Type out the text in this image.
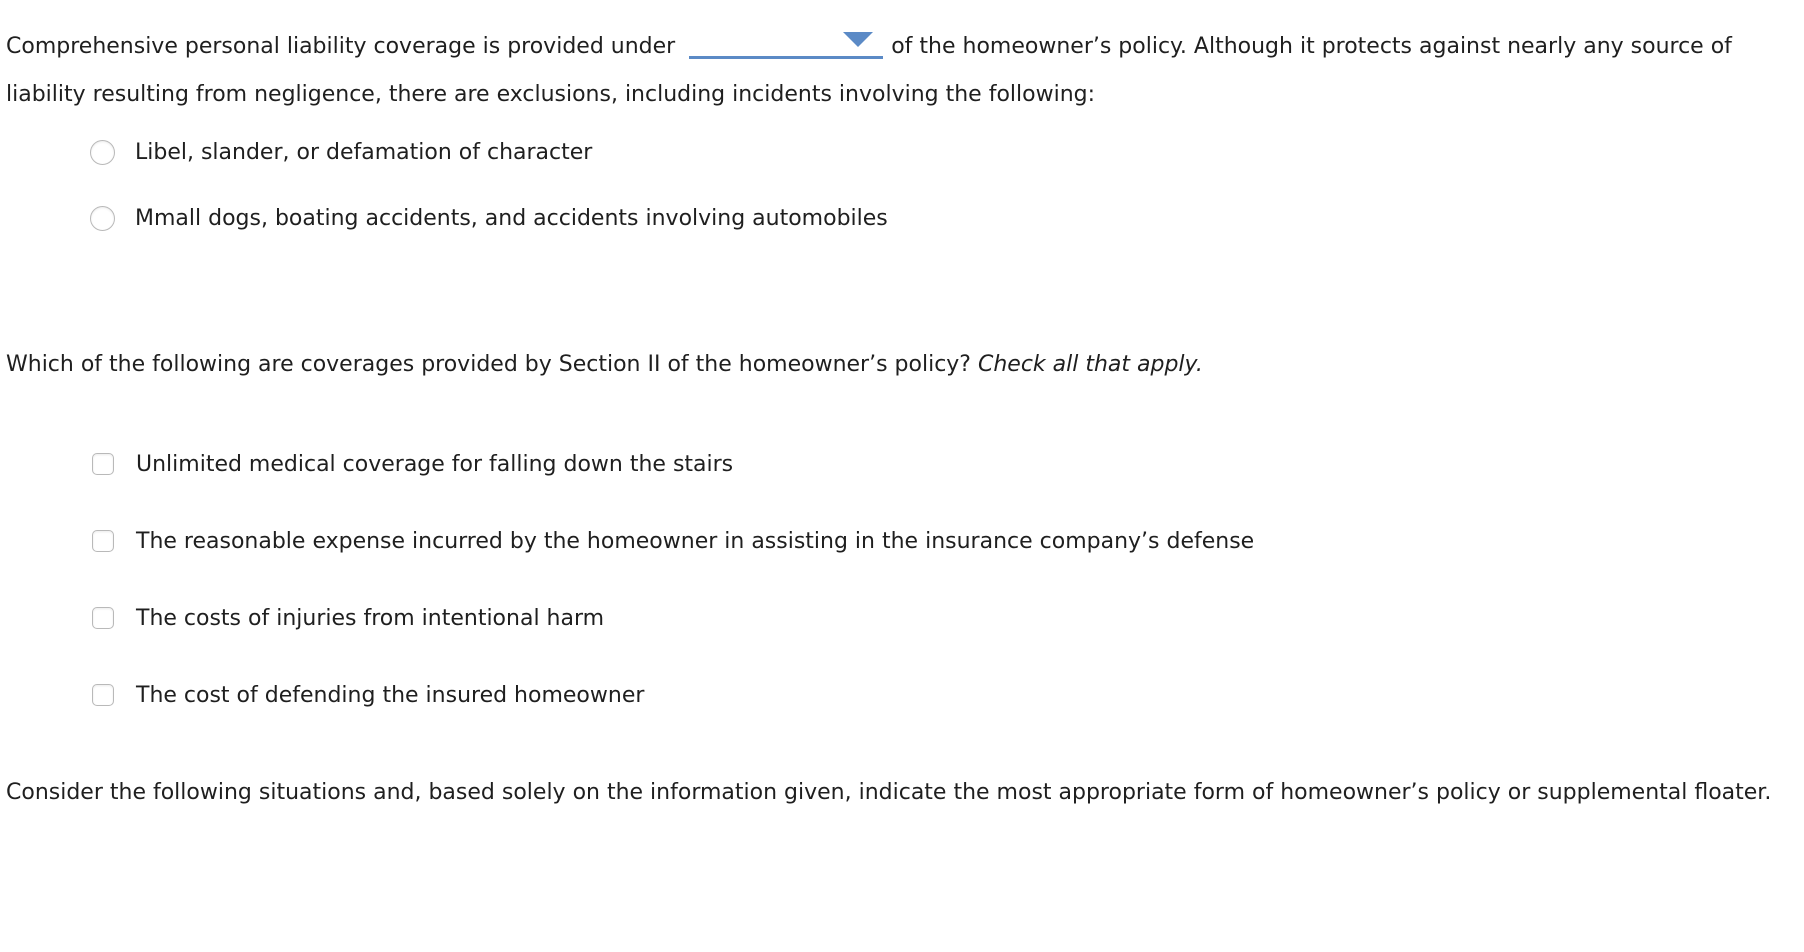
Comprehensive personal liability coverage is provided under	of the homeowner’s policy. Although it protects against nearly any source of liability resulting from negligence, there are exclusions, including incidents involving the following:

Libel, slander, or defamation of character
Mmall dogs, boating accidents, and accidents involving automobiles

Which of the following are coverages provided by Section II of the homeowner’s policy? Check all that apply.

Unlimited medical coverage for falling down the stairs
The reasonable expense incurred by the homeowner in assisting in the insurance company’s defense
The costs of injuries from intentional harm
The cost of defending the insured homeowner

Consider the following situations and, based solely on the information given, indicate the most appropriate form of homeowner’s policy or supplemental floater.
